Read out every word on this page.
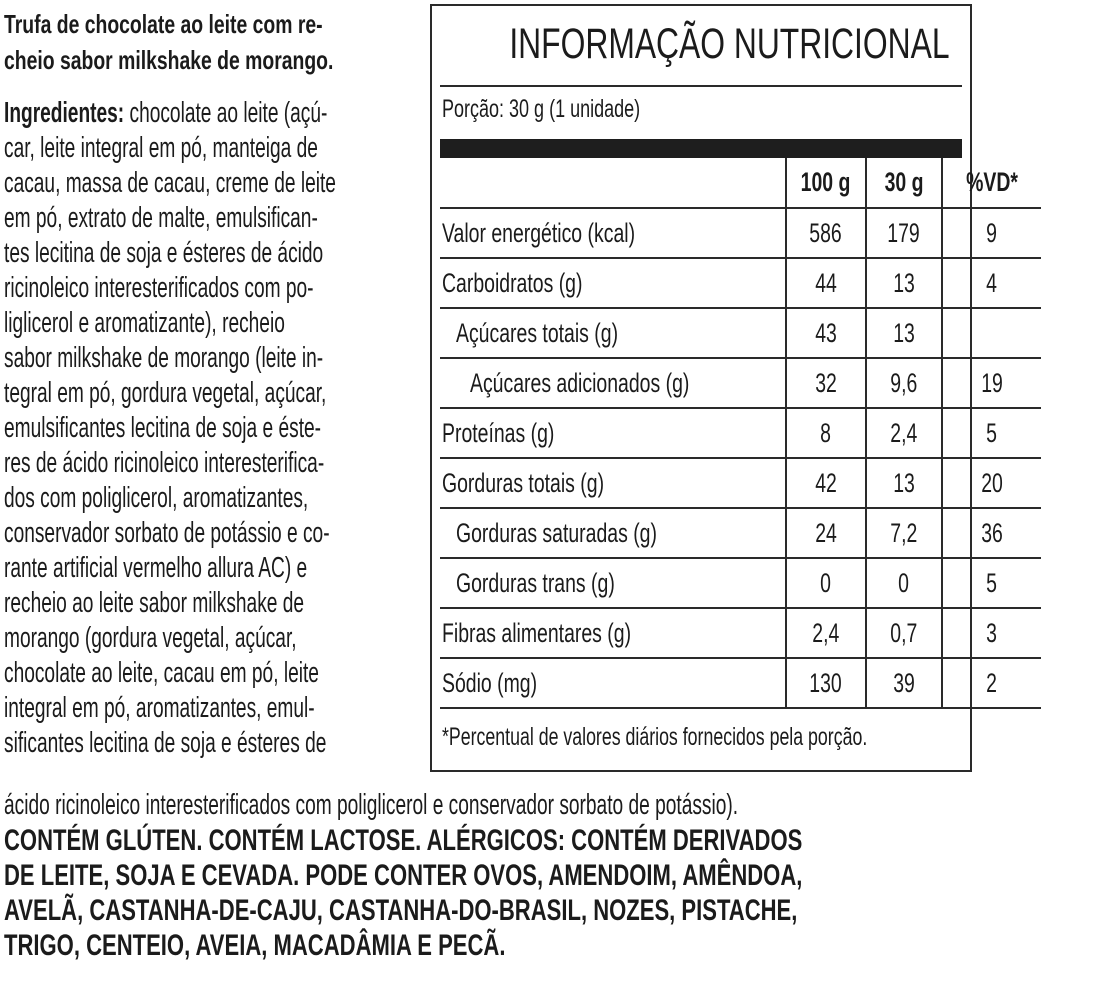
Trufa de chocolate ao leite com re-
cheio sabor milkshake de morango.
Ingredientes: chocolate ao leite (açú-
car, leite integral em pó, manteiga de
cacau, massa de cacau, creme de leite
em pó, extrato de malte, emulsifican-
tes lecitina de soja e ésteres de ácido
ricinoleico interesterificados com po-
liglicerol e aromatizante), recheio
sabor milkshake de morango (leite in-
tegral em pó, gordura vegetal, açúcar,
emulsificantes lecitina de soja e éste-
res de ácido ricinoleico interesterifica-
dos com poliglicerol, aromatizantes,
conservador sorbato de potássio e co-
rante artificial vermelho allura AC) e
recheio ao leite sabor milkshake de
morango (gordura vegetal, açúcar,
chocolate ao leite, cacau em pó, leite
integral em pó, aromatizantes, emul-
sificantes lecitina de soja e ésteres de
ácido ricinoleico interesterificados com poliglicerol e conservador sorbato de potássio).
CONTÉM GLÚTEN. CONTÉM LACTOSE. ALÉRGICOS: CONTÉM DERIVADOS
DE LEITE, SOJA E CEVADA. PODE CONTER OVOS, AMENDOIM, AMÊNDOA,
AVELÃ, CASTANHA-DE-CAJU, CASTANHA-DO-BRASIL, NOZES, PISTACHE,
TRIGO, CENTEIO, AVEIA, MACADÂMIA E PECÃ.
INFORMAÇÃO NUTRICIONAL
Porção: 30 g (1 unidade)

	100 g	30 g	%VD*

Valor energético (kcal)	586	179	9

Carboidratos (g)	44	13	4

Açúcares totais (g)	43	13	

Açúcares adicionados (g)	32	9,6	19

Proteínas (g)	8	2,4	5

Gorduras totais (g)	42	13	20

Gorduras saturadas (g)	24	7,2	36

Gorduras trans (g)	0	0	5

Fibras alimentares (g)	2,4	0,7	3

Sódio (mg)	130	39	2

*Percentual de valores diários fornecidos pela porção.			
